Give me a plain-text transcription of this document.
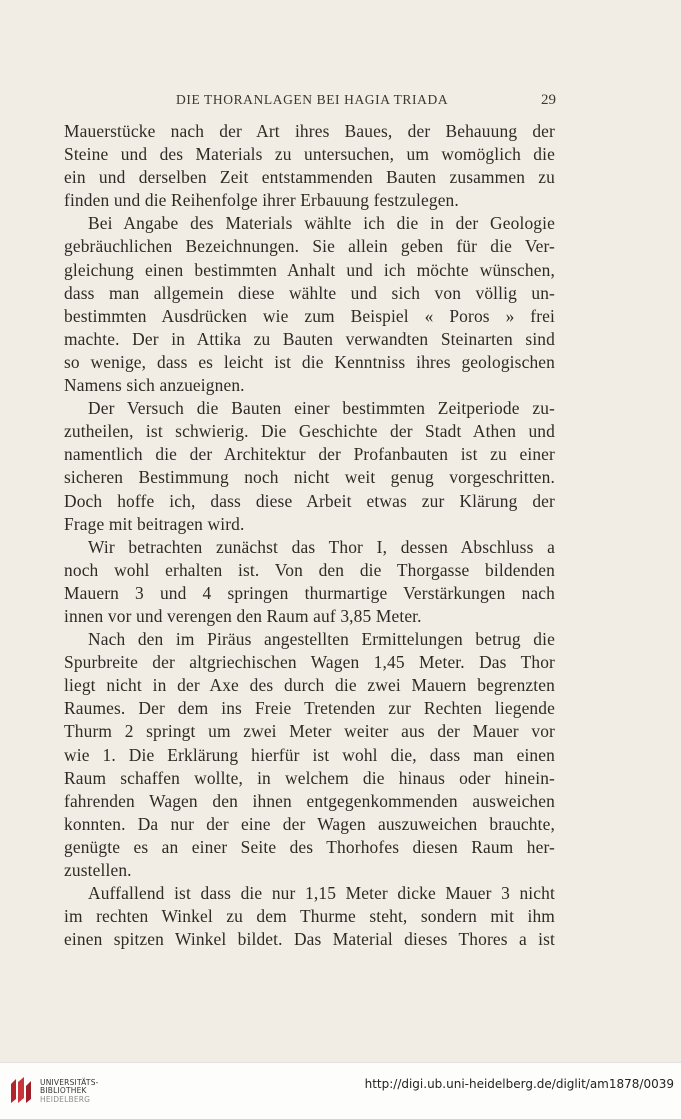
DIE THORANLAGEN BEI HAGIA TRIADA	29
Mauerstücke nach der Art ihres Baues, der Behauung der
Steine und des Materials zu untersuchen, um womöglich die
ein und derselben Zeit entstammenden Bauten zusammen zu
finden und die Reihenfolge ihrer Erbauung festzulegen.
Bei Angabe des Materials wählte ich die in der Geologie
gebräuchlichen Bezeichnungen. Sie allein geben für die Ver-
gleichung einen bestimmten Anhalt und ich möchte wünschen,
dass man allgemein diese wählte und sich von völlig un-
bestimmten Ausdrücken wie zum Beispiel « Poros » frei
machte. Der in Attika zu Bauten verwandten Steinarten sind
so wenige, dass es leicht ist die Kenntniss ihres geologischen
Namens sich anzueignen.
Der Versuch die Bauten einer bestimmten Zeitperiode zu-
zutheilen, ist schwierig. Die Geschichte der Stadt Athen und
namentlich die der Architektur der Profanbauten ist zu einer
sicheren Bestimmung noch nicht weit genug vorgeschritten.
Doch hoffe ich, dass diese Arbeit etwas zur Klärung der
Frage mit beitragen wird.
Wir betrachten zunächst das Thor I, dessen Abschluss a
noch wohl erhalten ist. Von den die Thorgasse bildenden
Mauern 3 und 4 springen thurmartige Verstärkungen nach
innen vor und verengen den Raum auf 3,85 Meter.
Nach den im Piräus angestellten Ermittelungen betrug die
Spurbreite der altgriechischen Wagen 1,45 Meter. Das Thor
liegt nicht in der Axe des durch die zwei Mauern begrenzten
Raumes. Der dem ins Freie Tretenden zur Rechten liegende
Thurm 2 springt um zwei Meter weiter aus der Mauer vor
wie 1. Die Erklärung hierfür ist wohl die, dass man einen
Raum schaffen wollte, in welchem die hinaus oder hinein-
fahrenden Wagen den ihnen entgegenkommenden ausweichen
konnten. Da nur der eine der Wagen auszuweichen brauchte,
genügte es an einer Seite des Thorhofes diesen Raum her-
zustellen.
Auffallend ist dass die nur 1,15 Meter dicke Mauer 3 nicht
im rechten Winkel zu dem Thurme steht, sondern mit ihm
einen spitzen Winkel bildet. Das Material dieses Thores a ist
UNIVERSITÄTS-
BIBLIOTHEK
HEIDELBERG
http://digi.ub.uni-heidelberg.de/diglit/am1878/0039
